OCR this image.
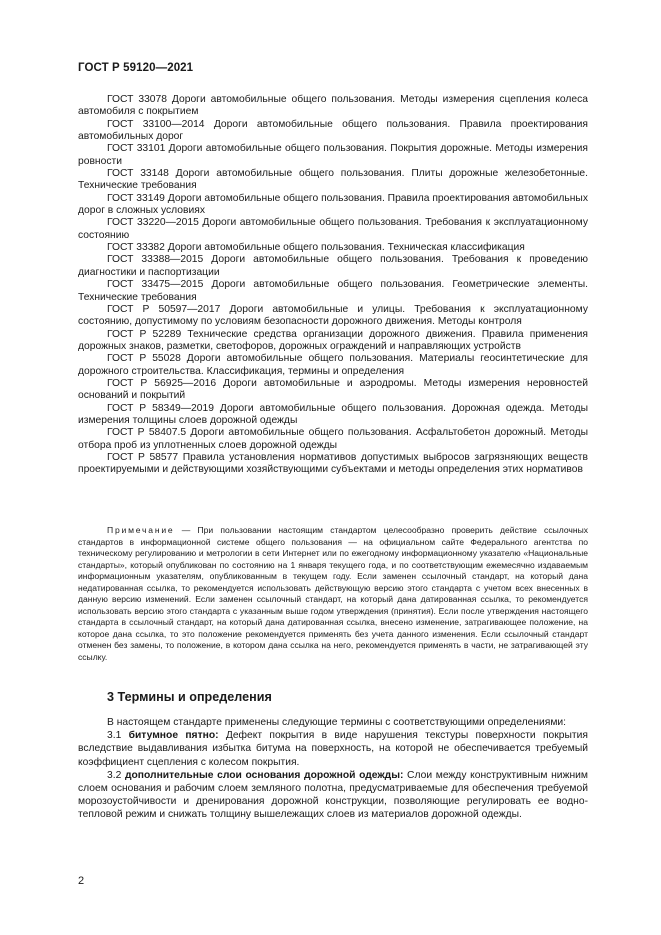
ГОСТ Р 59120—2021

ГОСТ 33078 Дороги автомобильные общего пользования. Методы измерения сцепления колеса автомобиля с покрытием

ГОСТ 33100—2014 Дороги автомобильные общего пользования. Правила проектирования автомобильных дорог

ГОСТ 33101 Дороги автомобильные общего пользования. Покрытия дорожные. Методы измерения ровности

ГОСТ 33148 Дороги автомобильные общего пользования. Плиты дорожные железобетонные. Технические требования

ГОСТ 33149 Дороги автомобильные общего пользования. Правила проектирования автомобильных дорог в сложных условиях

ГОСТ 33220—2015 Дороги автомобильные общего пользования. Требования к эксплуатационному состоянию

ГОСТ 33382 Дороги автомобильные общего пользования. Техническая классификация

ГОСТ 33388—2015 Дороги автомобильные общего пользования. Требования к проведению диагностики и паспортизации

ГОСТ 33475—2015 Дороги автомобильные общего пользования. Геометрические элементы. Технические требования

ГОСТ Р 50597—2017 Дороги автомобильные и улицы. Требования к эксплуатационному состоянию, допустимому по условиям безопасности дорожного движения. Методы контроля

ГОСТ Р 52289 Технические средства организации дорожного движения. Правила применения дорожных знаков, разметки, светофоров, дорожных ограждений и направляющих устройств

ГОСТ Р 55028 Дороги автомобильные общего пользования. Материалы геосинтетические для дорожного строительства. Классификация, термины и определения

ГОСТ Р 56925—2016 Дороги автомобильные и аэродромы. Методы измерения неровностей оснований и покрытий

ГОСТ Р 58349—2019 Дороги автомобильные общего пользования. Дорожная одежда. Методы измерения толщины слоев дорожной одежды

ГОСТ Р 58407.5 Дороги автомобильные общего пользования. Асфальтобетон дорожный. Методы отбора проб из уплотненных слоев дорожной одежды

ГОСТ Р 58577 Правила установления нормативов допустимых выбросов загрязняющих веществ проектируемыми и действующими хозяйствующими субъектами и методы определения этих нормативов

Примечание — При пользовании настоящим стандартом целесообразно проверить действие ссылочных стандартов в информационной системе общего пользования — на официальном сайте Федерального агентства по техническому регулированию и метрологии в сети Интернет или по ежегодному информационному указателю «Национальные стандарты», который опубликован по состоянию на 1 января текущего года, и по соответствующим ежемесячно издаваемым информационным указателям, опубликованным в текущем году. Если заменен ссылочный стандарт, на который дана недатированная ссылка, то рекомендуется использовать действующую версию этого стандарта с учетом всех внесенных в данную версию изменений. Если заменен ссылочный стандарт, на который дана датированная ссылка, то рекомендуется использовать версию этого стандарта с указанным выше годом утверждения (принятия). Если после утверждения настоящего стандарта в ссылочный стандарт, на который дана датированная ссылка, внесено изменение, затрагивающее положение, на которое дана ссылка, то это положение рекомендуется применять без учета данного изменения. Если ссылочный стандарт отменен без замены, то положение, в котором дана ссылка на него, рекомендуется применять в части, не затрагивающей эту ссылку.

3 Термины и определения

В настоящем стандарте применены следующие термины с соответствующими определениями:

3.1 битумное пятно: Дефект покрытия в виде нарушения текстуры поверхности покрытия вследствие выдавливания избытка битума на поверхность, на которой не обеспечивается требуемый коэффициент сцепления с колесом покрытия.

3.2 дополнительные слои основания дорожной одежды: Слои между конструктивным нижним слоем основания и рабочим слоем земляного полотна, предусматриваемые для обеспечения требуемой морозоустойчивости и дренирования дорожной конструкции, позволяющие регулировать ее водно-тепловой режим и снижать толщину вышележащих слоев из материалов дорожной одежды.

2
